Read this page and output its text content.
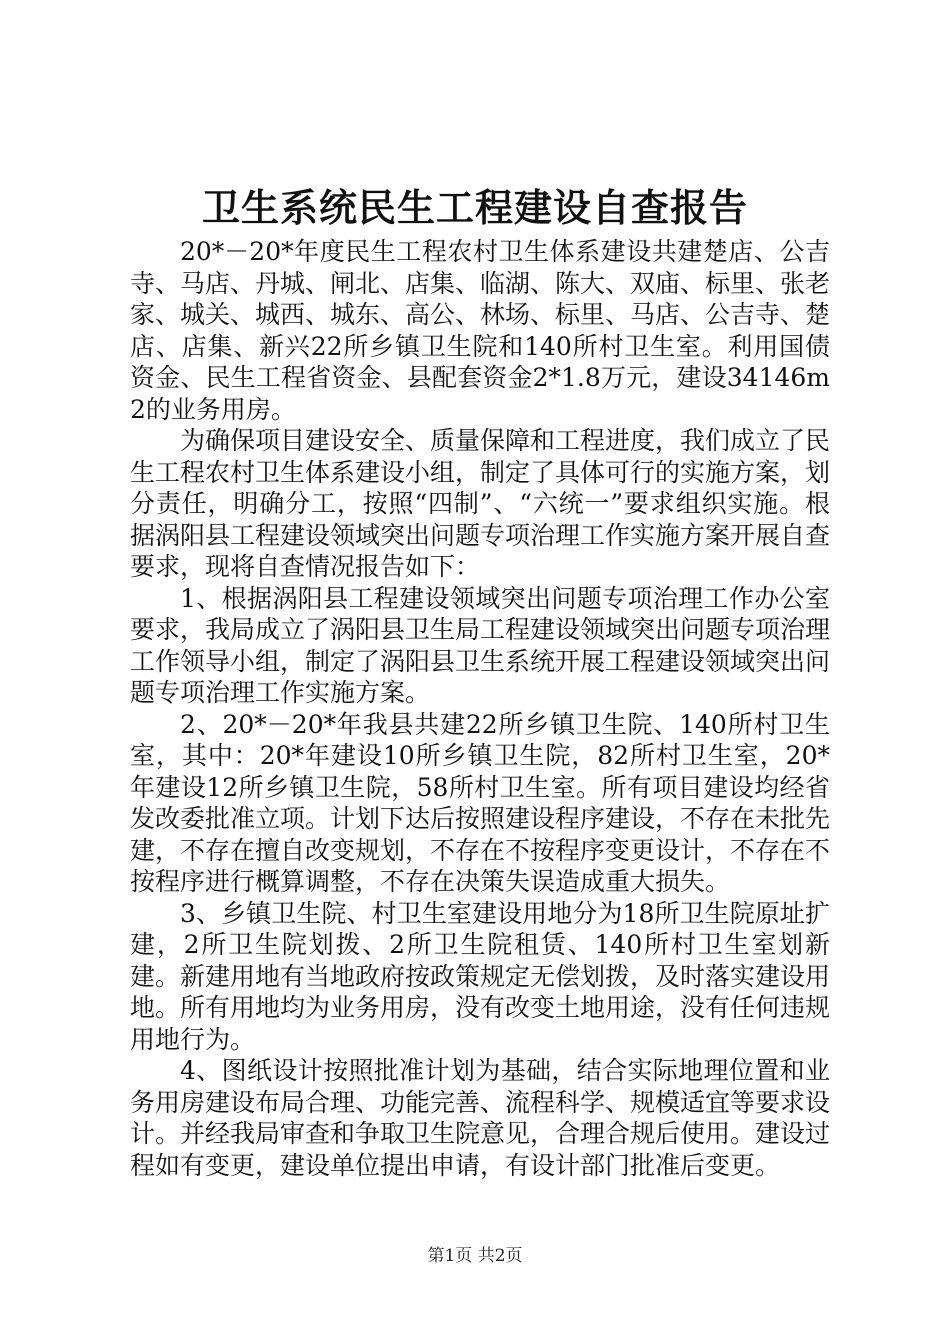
卫生系统民生工程建设自查报告

20*－20*年度民生工程农村卫生体系建设共建楚店、公吉寺、马店、丹城、闸北、店集、临湖、陈大、双庙、标里、张老家、城关、城西、城东、高公、林场、标里、马店、公吉寺、楚店、店集、新兴22所乡镇卫生院和140所村卫生室。利用国债资金、民生工程省资金、县配套资金2*1.8万元，建设34146m2的业务用房。

为确保项目建设安全、质量保障和工程进度，我们成立了民生工程农村卫生体系建设小组，制定了具体可行的实施方案，划分责任，明确分工，按照“四制”、“六统一”要求组织实施。根据涡阳县工程建设领域突出问题专项治理工作实施方案开展自查要求，现将自查情况报告如下：

1、根据涡阳县工程建设领域突出问题专项治理工作办公室要求，我局成立了涡阳县卫生局工程建设领域突出问题专项治理工作领导小组，制定了涡阳县卫生系统开展工程建设领域突出问题专项治理工作实施方案。

2、20*－20*年我县共建22所乡镇卫生院、140所村卫生室，其中：20*年建设10所乡镇卫生院，82所村卫生室，20*年建设12所乡镇卫生院，58所村卫生室。所有项目建设均经省发改委批准立项。计划下达后按照建设程序建设，不存在未批先建，不存在擅自改变规划，不存在不按程序变更设计，不存在不按程序进行概算调整，不存在决策失误造成重大损失。

3、乡镇卫生院、村卫生室建设用地分为18所卫生院原址扩建，2所卫生院划拨、2所卫生院租赁、140所村卫生室划新建。新建用地有当地政府按政策规定无偿划拨，及时落实建设用地。所有用地均为业务用房，没有改变土地用途，没有任何违规用地行为。

4、图纸设计按照批准计划为基础，结合实际地理位置和业务用房建设布局合理、功能完善、流程科学、规模适宜等要求设计。并经我局审查和争取卫生院意见，合理合规后使用。建设过程如有变更，建设单位提出申请，有设计部门批准后变更。

第1页 共2页
